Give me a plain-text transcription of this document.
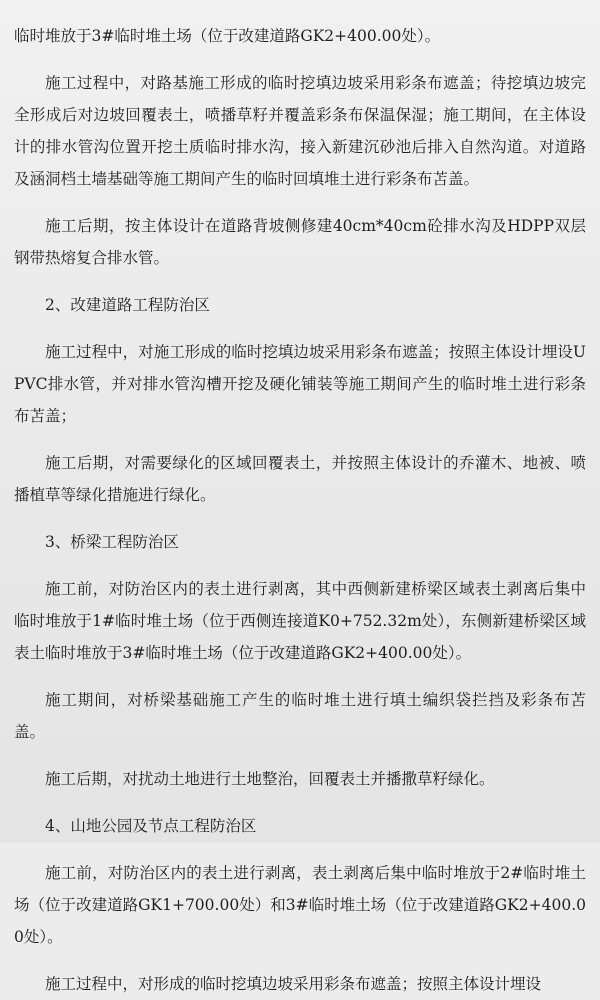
临时堆放于3#临时堆土场（位于改建道路GK2+400.00处）。

施工过程中，对路基施工形成的临时挖填边坡采用彩条布遮盖；待挖填边坡完全形成后对边坡回覆表土，喷播草籽并覆盖彩条布保温保湿；施工期间，在主体设计的排水管沟位置开挖土质临时排水沟，接入新建沉砂池后排入自然沟道。对道路及涵洞档土墙基础等施工期间产生的临时回填堆土进行彩条布苫盖。

施工后期，按主体设计在道路背坡侧修建40cm*40cm砼排水沟及HDPP双层钢带热熔复合排水管。

2、改建道路工程防治区

施工过程中，对施工形成的临时挖填边坡采用彩条布遮盖；按照主体设计埋设UPVC排水管，并对排水管沟槽开挖及硬化铺装等施工期间产生的临时堆土进行彩条布苫盖；

施工后期，对需要绿化的区域回覆表土，并按照主体设计的乔灌木、地被、喷播植草等绿化措施进行绿化。

3、桥梁工程防治区

施工前，对防治区内的表土进行剥离，其中西侧新建桥梁区域表土剥离后集中临时堆放于1#临时堆土场（位于西侧连接道K0+752.32m处），东侧新建桥梁区域表土临时堆放于3#临时堆土场（位于改建道路GK2+400.00处）。

施工期间，对桥梁基础施工产生的临时堆土进行填土编织袋拦挡及彩条布苫盖。

施工后期，对扰动土地进行土地整治，回覆表土并播撒草籽绿化。

4、山地公园及节点工程防治区

施工前，对防治区内的表土进行剥离，表土剥离后集中临时堆放于2#临时堆土场（位于改建道路GK1+700.00处）和3#临时堆土场（位于改建道路GK2+400.00处）。

施工过程中，对形成的临时挖填边坡采用彩条布遮盖；按照主体设计埋设
